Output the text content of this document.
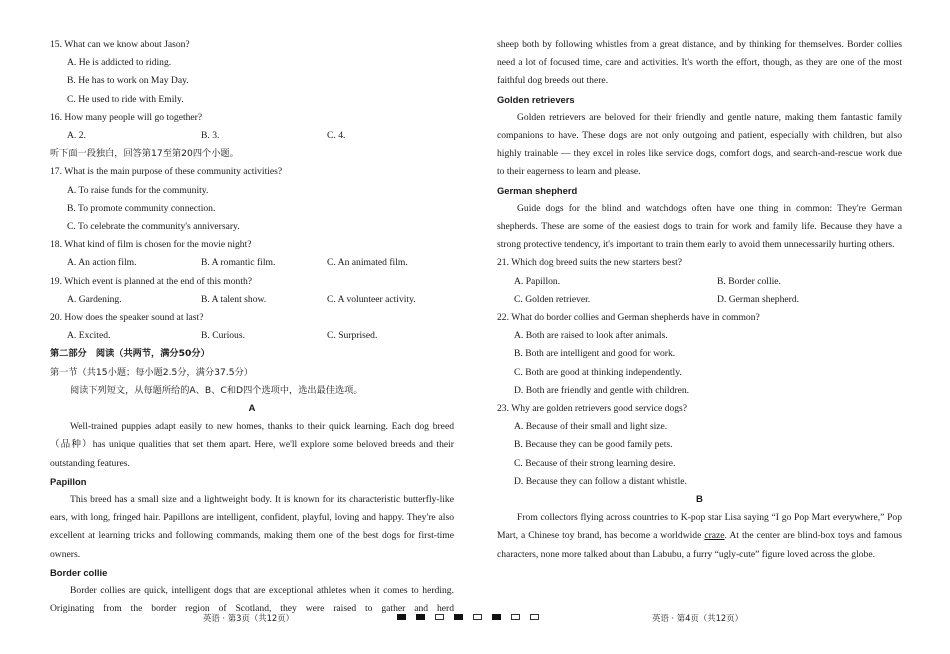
15. What can we know about Jason?

A. He is addicted to riding.

B. He has to work on May Day.

C. He used to ride with Emily.

16. How many people will go together?

A. 2.	B. 3.	C. 4.

听下面一段独白，回答第17至第20四个小题。

17. What is the main purpose of these community activities?

A. To raise funds for the community.

B. To promote community connection.

C. To celebrate the community's anniversary.

18. What kind of film is chosen for the movie night?

A. An action film.	B. A romantic film.	C. An animated film.

19. Which event is planned at the end of this month?

A. Gardening.	B. A talent show.	C. A volunteer activity.

20. How does the speaker sound at last?

A. Excited.	B. Curious.	C. Surprised.

第二部分　阅读（共两节，满分50分）

第一节（共15小题；每小题2.5分，满分37.5分）

阅读下列短文，从每题所给的A、B、C和D四个选项中，选出最佳选项。

A

Well-trained puppies adapt easily to new homes, thanks to their quick learning. Each dog breed（品种）has unique qualities that set them apart. Here, we'll explore some beloved breeds and their outstanding features.

Papillon

This breed has a small size and a lightweight body. It is known for its characteristic butterfly-like ears, with long, fringed hair. Papillons are intelligent, confident, playful, loving and happy. They're also excellent at learning tricks and following commands, making them one of the best dogs for first-time owners.

Border collie

Border collies are quick, intelligent dogs that are exceptional athletes when it comes to herding. Originating from the border region of Scotland, they were raised to gather and herd

sheep both by following whistles from a great distance, and by thinking for themselves. Border collies need a lot of focused time, care and activities. It's worth the effort, though, as they are one of the most faithful dog breeds out there.

Golden retrievers

Golden retrievers are beloved for their friendly and gentle nature, making them fantastic family companions to have. These dogs are not only outgoing and patient, especially with children, but also highly trainable — they excel in roles like service dogs, comfort dogs, and search-and-rescue work due to their eagerness to learn and please.

German shepherd

Guide dogs for the blind and watchdogs often have one thing in common: They're German shepherds. These are some of the easiest dogs to train for work and family life. Because they have a strong protective tendency, it's important to train them early to avoid them unnecessarily hurting others.

21. Which dog breed suits the new starters best?

A. Papillon.	B. Border collie.
C. Golden retriever.	D. German shepherd.

22. What do border collies and German shepherds have in common?

A. Both are raised to look after animals.

B. Both are intelligent and good for work.

C. Both are good at thinking independently.

D. Both are friendly and gentle with children.

23. Why are golden retrievers good service dogs?

A. Because of their small and light size.

B. Because they can be good family pets.

C. Because of their strong learning desire.

D. Because they can follow a distant whistle.

B

From collectors flying across countries to K-pop star Lisa saying “I go Pop Mart everywhere,” Pop Mart, a Chinese toy brand, has become a worldwide craze. At the center are blind-box toys and famous characters, none more talked about than Labubu, a furry “ugly-cute” figure loved across the globe.

英语 · 第3页（共12页）	英语 · 第4页（共12页）
